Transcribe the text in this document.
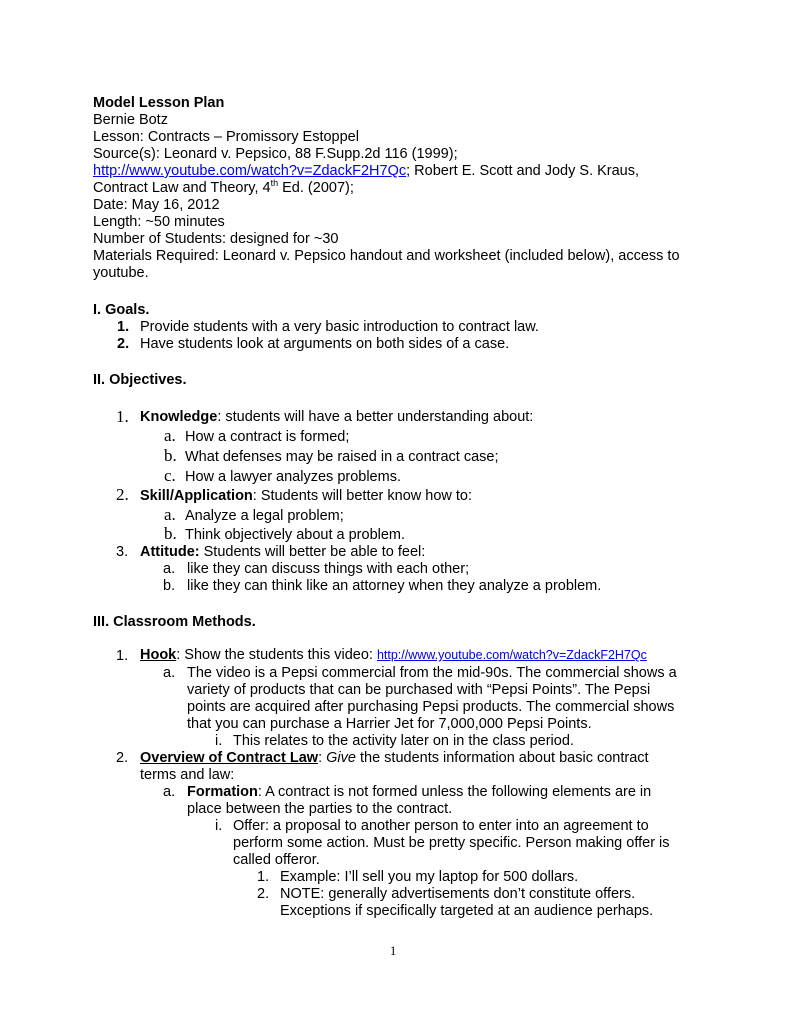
Model Lesson Plan
Bernie Botz
Lesson: Contracts – Promissory Estoppel
Source(s): Leonard v. Pepsico, 88 F.Supp.2d 116 (1999);
http://www.youtube.com/watch?v=ZdackF2H7Qc; Robert E. Scott and Jody S. Kraus,
Contract Law and Theory, 4th Ed. (2007);
Date: May 16, 2012
Length: ~50 minutes
Number of Students: designed for ~30
Materials Required: Leonard v. Pepsico handout and worksheet (included below), access to
youtube.
I. Goals.
1. Provide students with a very basic introduction to contract law.
2. Have students look at arguments on both sides of a case.
II. Objectives.
1. Knowledge: students will have a better understanding about:
a. How a contract is formed;
b. What defenses may be raised in a contract case;
c. How a lawyer analyzes problems.
2. Skill/Application: Students will better know how to:
a. Analyze a legal problem;
b. Think objectively about a problem.
3. Attitude: Students will better be able to feel:
a. like they can discuss things with each other;
b. like they can think like an attorney when they analyze a problem.
III. Classroom Methods.
1. Hook: Show the students this video: http://www.youtube.com/watch?v=ZdackF2H7Qc
a. The video is a Pepsi commercial from the mid-90s. The commercial shows a
variety of products that can be purchased with “Pepsi Points”. The Pepsi
points are acquired after purchasing Pepsi products. The commercial shows
that you can purchase a Harrier Jet for 7,000,000 Pepsi Points.
i. This relates to the activity later on in the class period.
2. Overview of Contract Law: Give the students information about basic contract
terms and law:
a. Formation: A contract is not formed unless the following elements are in
place between the parties to the contract.
i. Offer: a proposal to another person to enter into an agreement to
perform some action. Must be pretty specific. Person making offer is
called offeror.
1. Example: I’ll sell you my laptop for 500 dollars.
2. NOTE: generally advertisements don’t constitute offers.
Exceptions if specifically targeted at an audience perhaps.
1
